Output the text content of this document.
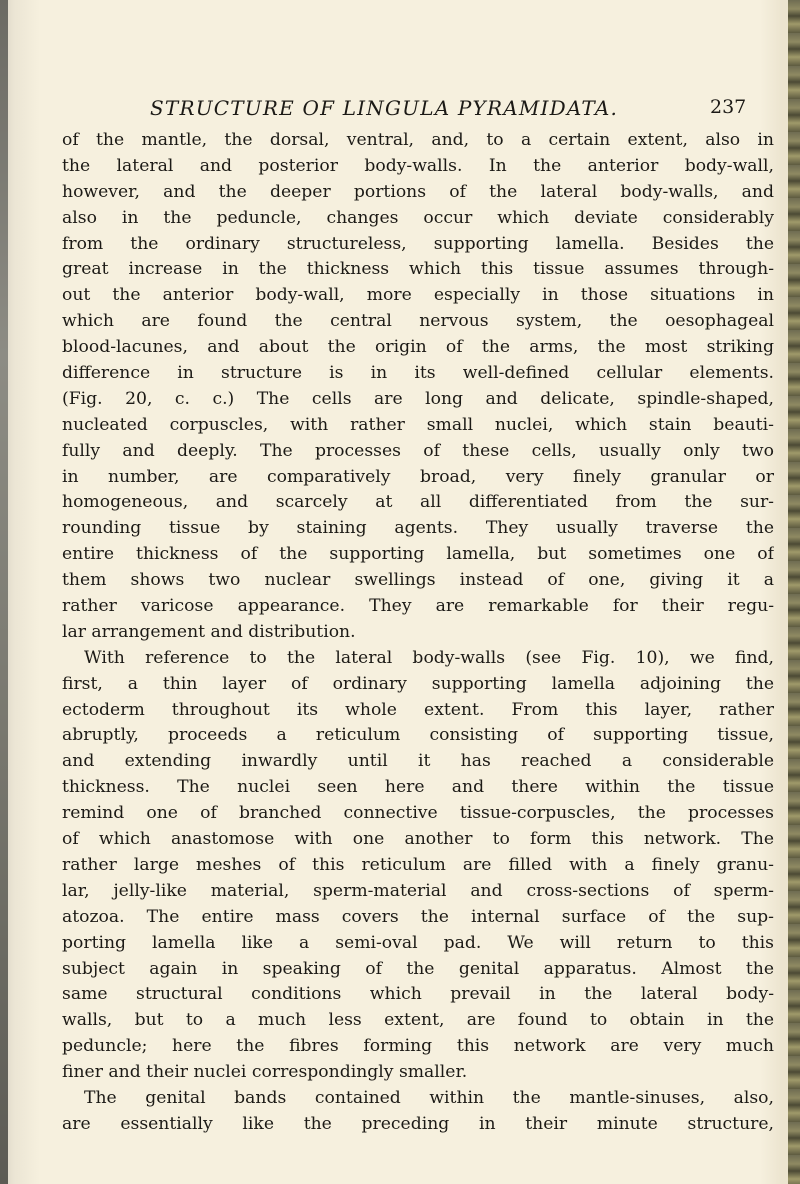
STRUCTURE OF LINGULA PYRAMIDATA.	237
of the mantle, the dorsal, ventral, and, to a certain extent, also in
the lateral and posterior body-walls. In the anterior body-wall,
however, and the deeper portions of the lateral body-walls, and
also in the peduncle, changes occur which deviate considerably
from the ordinary structureless, supporting lamella. Besides the
great increase in the thickness which this tissue assumes through-
out the anterior body-wall, more especially in those situations in
which are found the central nervous system, the oesophageal
blood-lacunes, and about the origin of the arms, the most striking
difference in structure is in its well-defined cellular elements.
(Fig. 20, c. c.) The cells are long and delicate, spindle-shaped,
nucleated corpuscles, with rather small nuclei, which stain beauti-
fully and deeply. The processes of these cells, usually only two
in number, are comparatively broad, very finely granular or
homogeneous, and scarcely at all differentiated from the sur-
rounding tissue by staining agents. They usually traverse the
entire thickness of the supporting lamella, but sometimes one of
them shows two nuclear swellings instead of one, giving it a
rather varicose appearance. They are remarkable for their regu-
lar arrangement and distribution.
With reference to the lateral body-walls (see Fig. 10), we find,
first, a thin layer of ordinary supporting lamella adjoining the
ectoderm throughout its whole extent. From this layer, rather
abruptly, proceeds a reticulum consisting of supporting tissue,
and extending inwardly until it has reached a considerable
thickness. The nuclei seen here and there within the tissue
remind one of branched connective tissue-corpuscles, the processes
of which anastomose with one another to form this network. The
rather large meshes of this reticulum are filled with a finely granu-
lar, jelly-like material, sperm-material and cross-sections of sperm-
atozoa. The entire mass covers the internal surface of the sup-
porting lamella like a semi-oval pad. We will return to this
subject again in speaking of the genital apparatus. Almost the
same structural conditions which prevail in the lateral body-
walls, but to a much less extent, are found to obtain in the
peduncle; here the fibres forming this network are very much
finer and their nuclei correspondingly smaller.
The genital bands contained within the mantle-sinuses, also,
are essentially like the preceding in their minute structure,
